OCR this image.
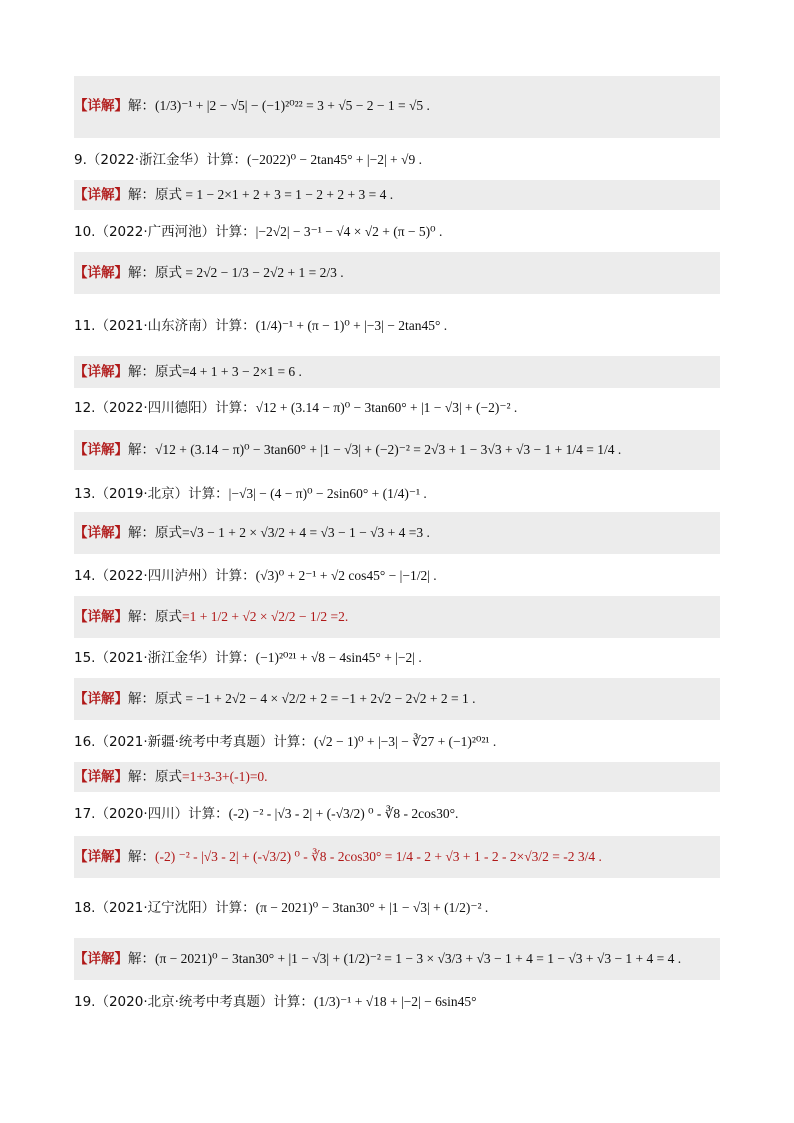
【详解】解：(1/3)⁻¹ + |2 − √5| − (−1)²⁰²² = 3 + √5 − 2 − 1 = √5 .
9.（2022·浙江金华）计算：(−2022)⁰ − 2tan45° + |−2| + √9 .
【详解】解：原式 = 1 − 2×1 + 2 + 3 = 1 − 2 + 2 + 3 = 4 .
10.（2022·广西河池）计算：|−2√2| − 3⁻¹ − √4 × √2 + (π − 5)⁰ .
【详解】解：原式 = 2√2 − 1/3 − 2√2 + 1 = 2/3 .
11.（2021·山东济南）计算：(1/4)⁻¹ + (π − 1)⁰ + |−3| − 2tan45° .
【详解】解：原式=4 + 1 + 3 − 2×1 = 6 .
12.（2022·四川德阳）计算：√12 + (3.14 − π)⁰ − 3tan60° + |1 − √3| + (−2)⁻² .
【详解】解：√12 + (3.14 − π)⁰ − 3tan60° + |1 − √3| + (−2)⁻² = 2√3 + 1 − 3√3 + √3 − 1 + 1/4 = 1/4 .
13.（2019·北京）计算：|−√3| − (4 − π)⁰ − 2sin60° + (1/4)⁻¹ .
【详解】解：原式=√3 − 1 + 2 × √3/2 + 4 = √3 − 1 − √3 + 4 =3 .
14.（2022·四川泸州）计算：(√3)⁰ + 2⁻¹ + √2 cos45° − |−1/2| .
【详解】解：原式=1 + 1/2 + √2 × √2/2 − 1/2 =2.
15.（2021·浙江金华）计算：(−1)²⁰²¹ + √8 − 4sin45° + |−2| .
【详解】解：原式 = −1 + 2√2 − 4 × √2/2 + 2 = −1 + 2√2 − 2√2 + 2 = 1 .
16.（2021·新疆·统考中考真题）计算：(√2 − 1)⁰ + |−3| − ∛27 + (−1)²⁰²¹ .
【详解】解：原式=1+3-3+(-1)=0.
17.（2020·四川）计算：(-2) ⁻² - |√3 - 2| + (-√3/2) ⁰ - ∛8 - 2cos30°.
【详解】解：(-2) ⁻² - |√3 - 2| + (-√3/2) ⁰ - ∛8 - 2cos30° = 1/4 - 2 + √3 + 1 - 2 - 2×√3/2 = -2 3/4 .
18.（2021·辽宁沈阳）计算：(π − 2021)⁰ − 3tan30° + |1 − √3| + (1/2)⁻² .
【详解】解：(π − 2021)⁰ − 3tan30° + |1 − √3| + (1/2)⁻² = 1 − 3 × √3/3 + √3 − 1 + 4 = 1 − √3 + √3 − 1 + 4 = 4 .
19.（2020·北京·统考中考真题）计算：(1/3)⁻¹ + √18 + |−2| − 6sin45°
